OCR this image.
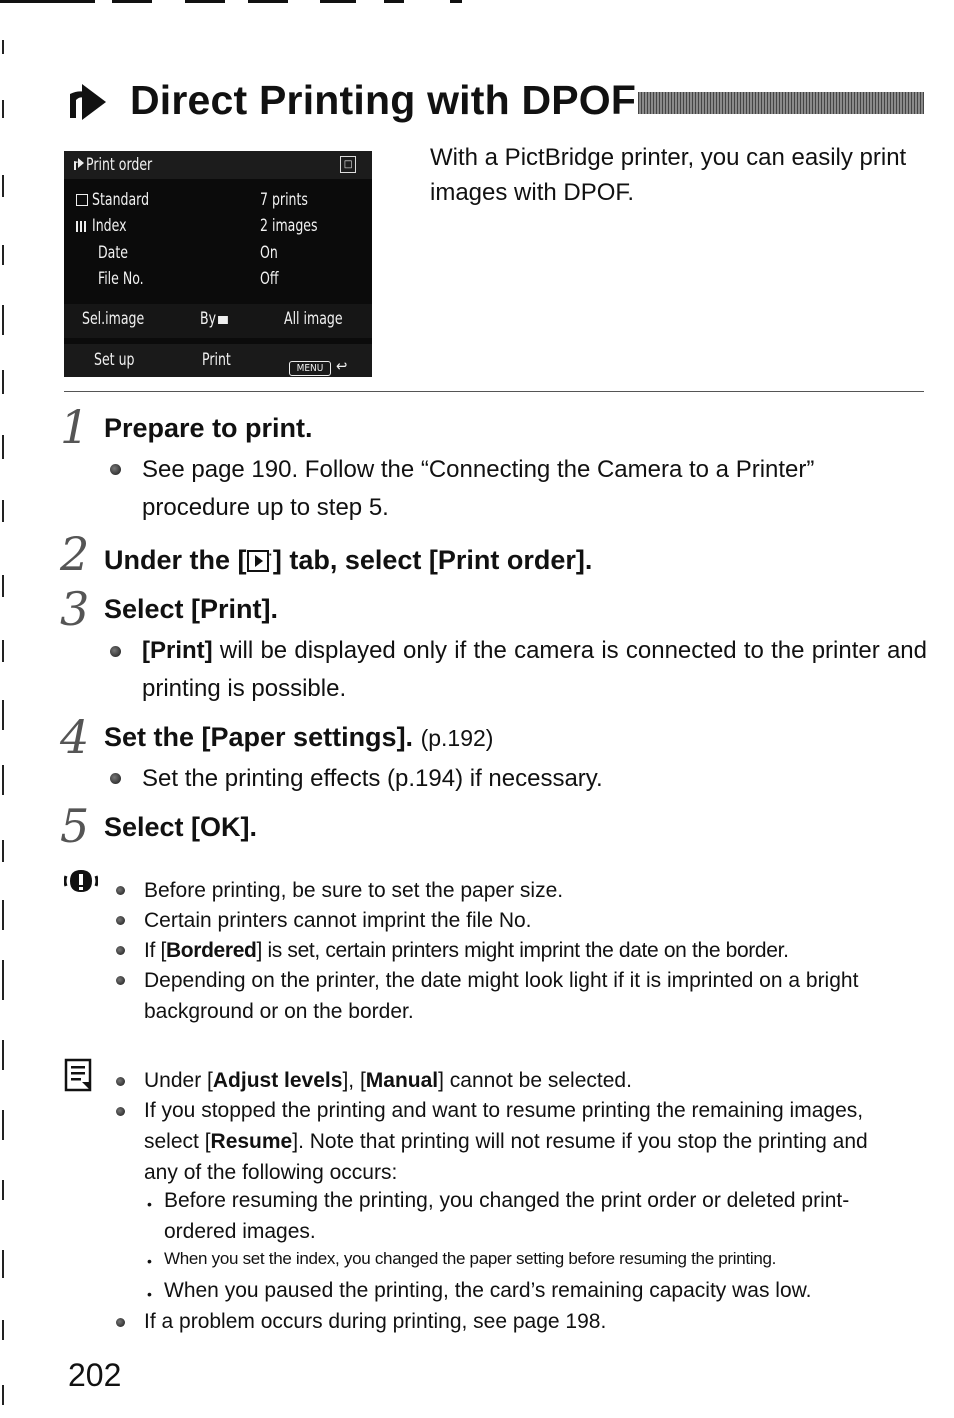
Direct Printing with DPOF
Print order	□
Standard	7 prints
Index	2 images
Date	On
File No.	Off
Sel.image	By	All image
Set up	Print	MENU ↩
With a PictBridge printer, you can easily print images with DPOF.
1 Prepare to print.
See page 190. Follow the “Connecting the Camera to a Printer” procedure up to step 5.
2 Under the [ ·] tab, select [Print order].
3 Select [Print].
[Print] will be displayed only if the camera is connected to the printer and printing is possible.
4 Set the [Paper settings]. (p.192)
Set the printing effects (p.194) if necessary.
5 Select [OK].
Before printing, be sure to set the paper size.
Certain printers cannot imprint the file No.
If [Bordered] is set, certain printers might imprint the date on the border.
Depending on the printer, the date might look light if it is imprinted on a bright background or on the border.
Under [Adjust levels], [Manual] cannot be selected.
If you stopped the printing and want to resume printing the remaining images, select [Resume]. Note that printing will not resume if you stop the printing and any of the following occurs:
• Before resuming the printing, you changed the print order or deleted print-ordered images.
• When you set the index, you changed the paper setting before resuming the printing.
• When you paused the printing, the card’s remaining capacity was low.
If a problem occurs during printing, see page 198.
202
